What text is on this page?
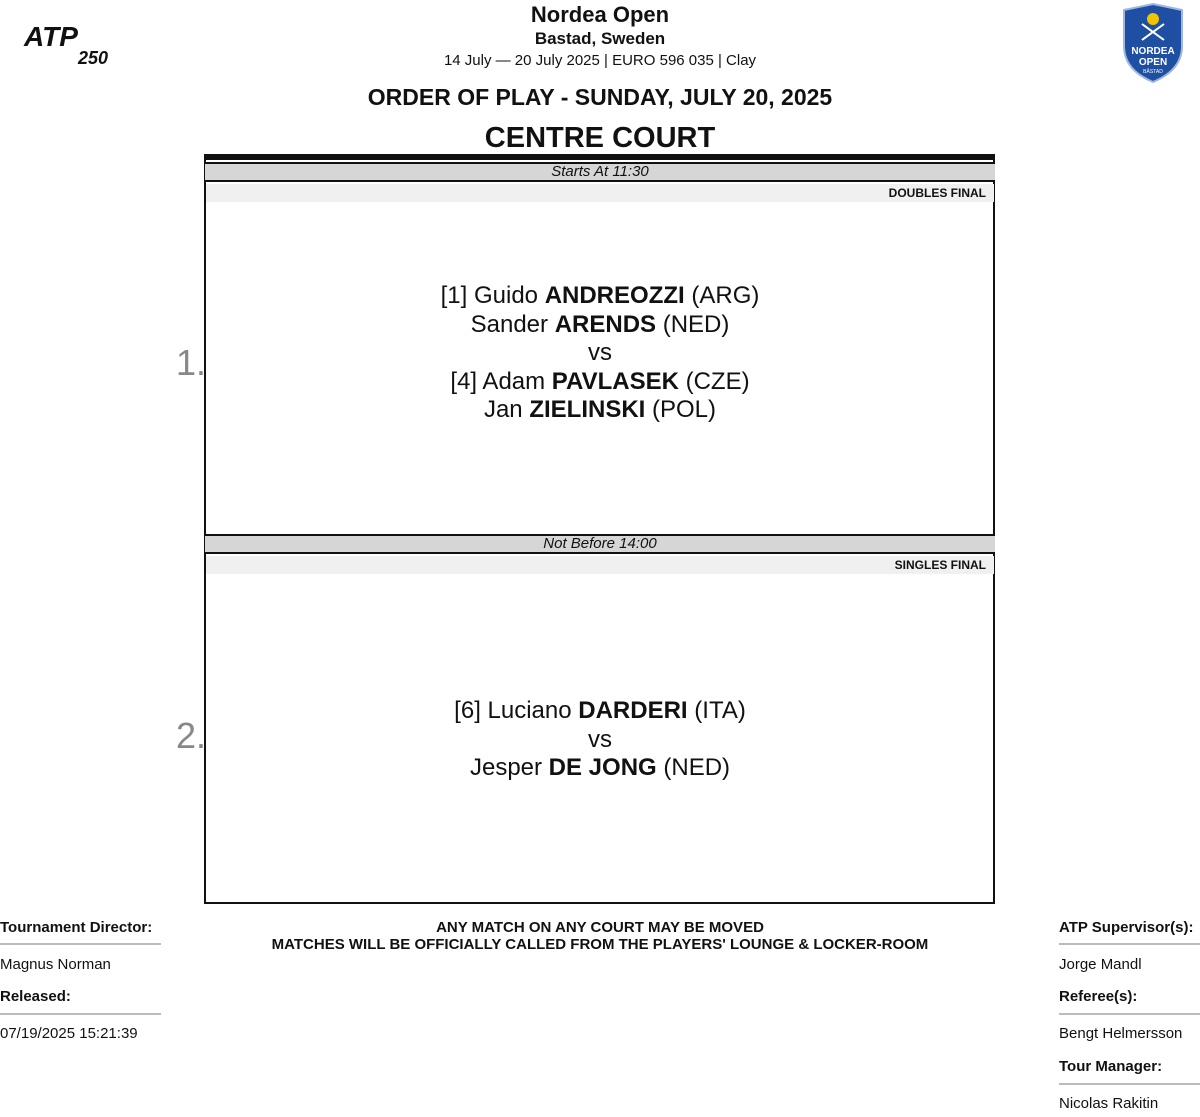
ATP
250	NORDEA
OPEN
BÅSTAD
Nordea Open
Bastad, Sweden
14 July — 20 July 2025 | EURO 596 035 | Clay
ORDER OF PLAY - SUNDAY, JULY 20, 2025
CENTRE COURT
Starts At 11:30
DOUBLES FINAL
1.
[1] Guido ANDREOZZI (ARG)
Sander ARENDS (NED)
vs
[4] Adam PAVLASEK (CZE)
Jan ZIELINSKI (POL)
Not Before 14:00
SINGLES FINAL
2.
[6] Luciano DARDERI (ITA)
vs
Jesper DE JONG (NED)
ANY MATCH ON ANY COURT MAY BE MOVED
MATCHES WILL BE OFFICIALLY CALLED FROM THE PLAYERS' LOUNGE & LOCKER-ROOM
Tournament Director:
Magnus Norman
Released:
07/19/2025 15:21:39
ATP Supervisor(s):
Jorge Mandl
Referee(s):
Bengt Helmersson
Tour Manager:
Nicolas Rakitin
